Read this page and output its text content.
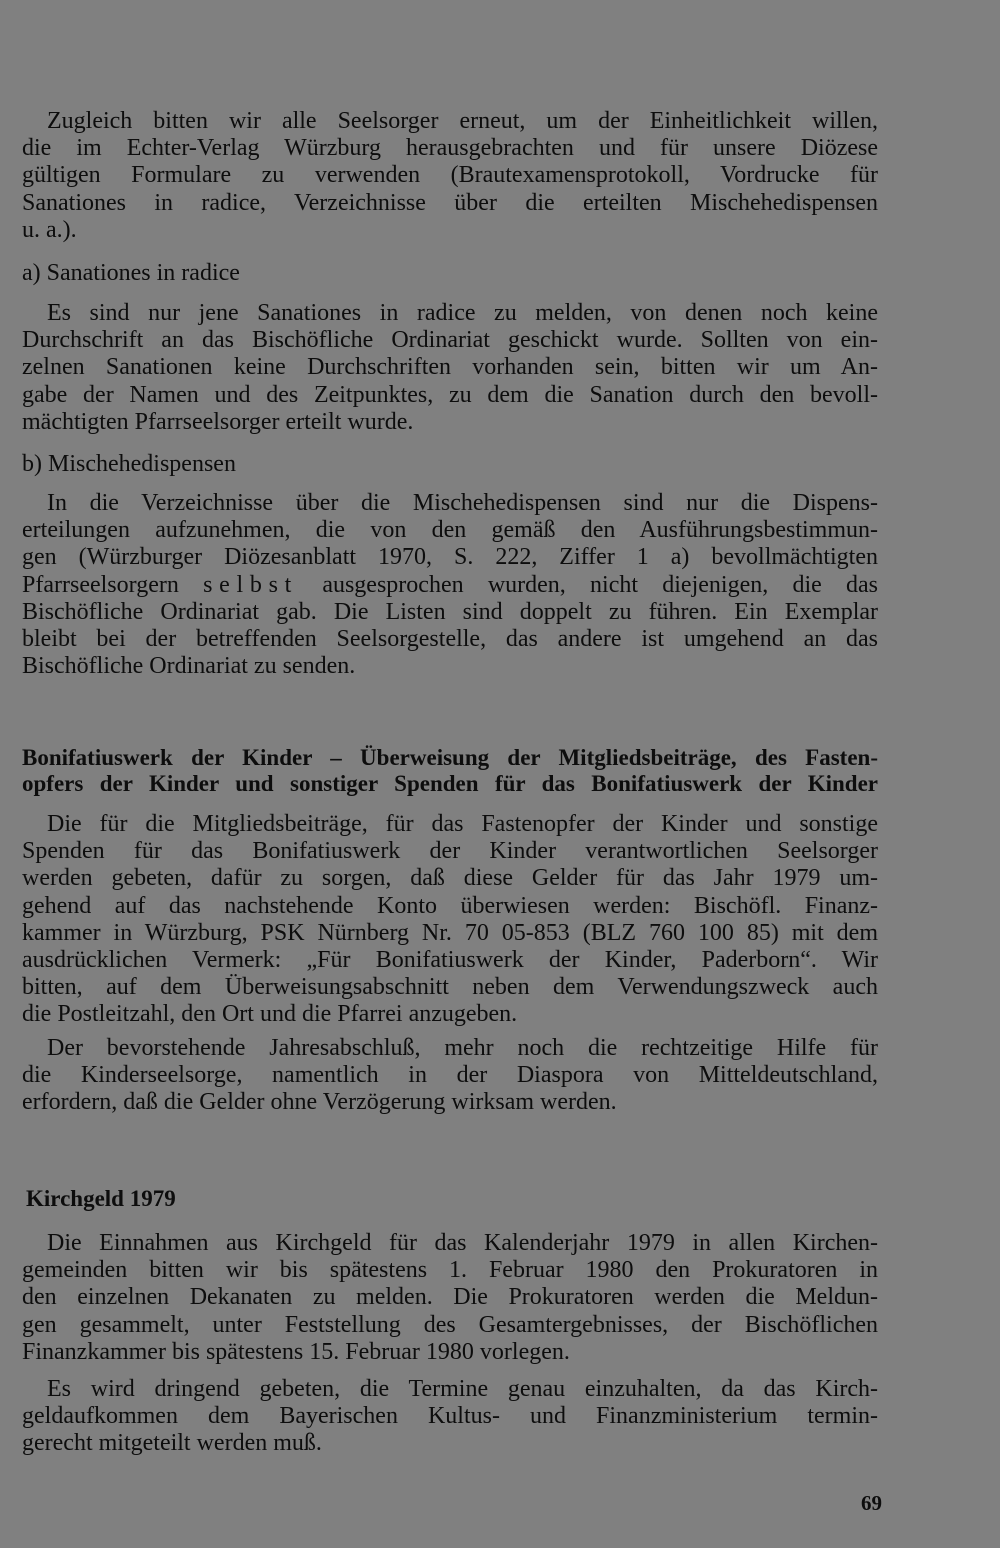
Zugleich bitten wir alle Seelsorger erneut, um der Einheitlichkeit willen,
die im Echter-Verlag Würzburg herausgebrachten und für unsere Diözese
gültigen Formulare zu verwenden (Brautexamensprotokoll, Vordrucke für
Sanationes in radice, Verzeichnisse über die erteilten Mischehedispensen
u. a.).
a) Sanationes in radice
Es sind nur jene Sanationes in radice zu melden, von denen noch keine
Durchschrift an das Bischöfliche Ordinariat geschickt wurde. Sollten von ein-
zelnen Sanationen keine Durchschriften vorhanden sein, bitten wir um An-
gabe der Namen und des Zeitpunktes, zu dem die Sanation durch den bevoll-
mächtigten Pfarrseelsorger erteilt wurde.
b) Mischehedispensen
In die Verzeichnisse über die Mischehedispensen sind nur die Dispens-
erteilungen aufzunehmen, die von den gemäß den Ausführungsbestimmun-
gen (Würzburger Diözesanblatt 1970, S. 222, Ziffer 1 a) bevollmächtigten
Pfarrseelsorgern selbst ausgesprochen wurden, nicht diejenigen, die das
Bischöfliche Ordinariat gab. Die Listen sind doppelt zu führen. Ein Exemplar
bleibt bei der betreffenden Seelsorgestelle, das andere ist umgehend an das
Bischöfliche Ordinariat zu senden.
Bonifatiuswerk der Kinder – Überweisung der Mitgliedsbeiträge, des Fasten-
opfers der Kinder und sonstiger Spenden für das Bonifatiuswerk der Kinder
Die für die Mitgliedsbeiträge, für das Fastenopfer der Kinder und sonstige
Spenden für das Bonifatiuswerk der Kinder verantwortlichen Seelsorger
werden gebeten, dafür zu sorgen, daß diese Gelder für das Jahr 1979 um-
gehend auf das nachstehende Konto überwiesen werden: Bischöfl. Finanz-
kammer in Würzburg, PSK Nürnberg Nr. 70 05-853 (BLZ 760 100 85) mit dem
ausdrücklichen Vermerk: „Für Bonifatiuswerk der Kinder, Paderborn“. Wir
bitten, auf dem Überweisungsabschnitt neben dem Verwendungszweck auch
die Postleitzahl, den Ort und die Pfarrei anzugeben.
Der bevorstehende Jahresabschluß, mehr noch die rechtzeitige Hilfe für
die Kinderseelsorge, namentlich in der Diaspora von Mitteldeutschland,
erfordern, daß die Gelder ohne Verzögerung wirksam werden.
Kirchgeld 1979
Die Einnahmen aus Kirchgeld für das Kalenderjahr 1979 in allen Kirchen-
gemeinden bitten wir bis spätestens 1. Februar 1980 den Prokuratoren in
den einzelnen Dekanaten zu melden. Die Prokuratoren werden die Meldun-
gen gesammelt, unter Feststellung des Gesamtergebnisses, der Bischöflichen
Finanzkammer bis spätestens 15. Februar 1980 vorlegen.
Es wird dringend gebeten, die Termine genau einzuhalten, da das Kirch-
geldaufkommen dem Bayerischen Kultus- und Finanzministerium termin-
gerecht mitgeteilt werden muß.
69
